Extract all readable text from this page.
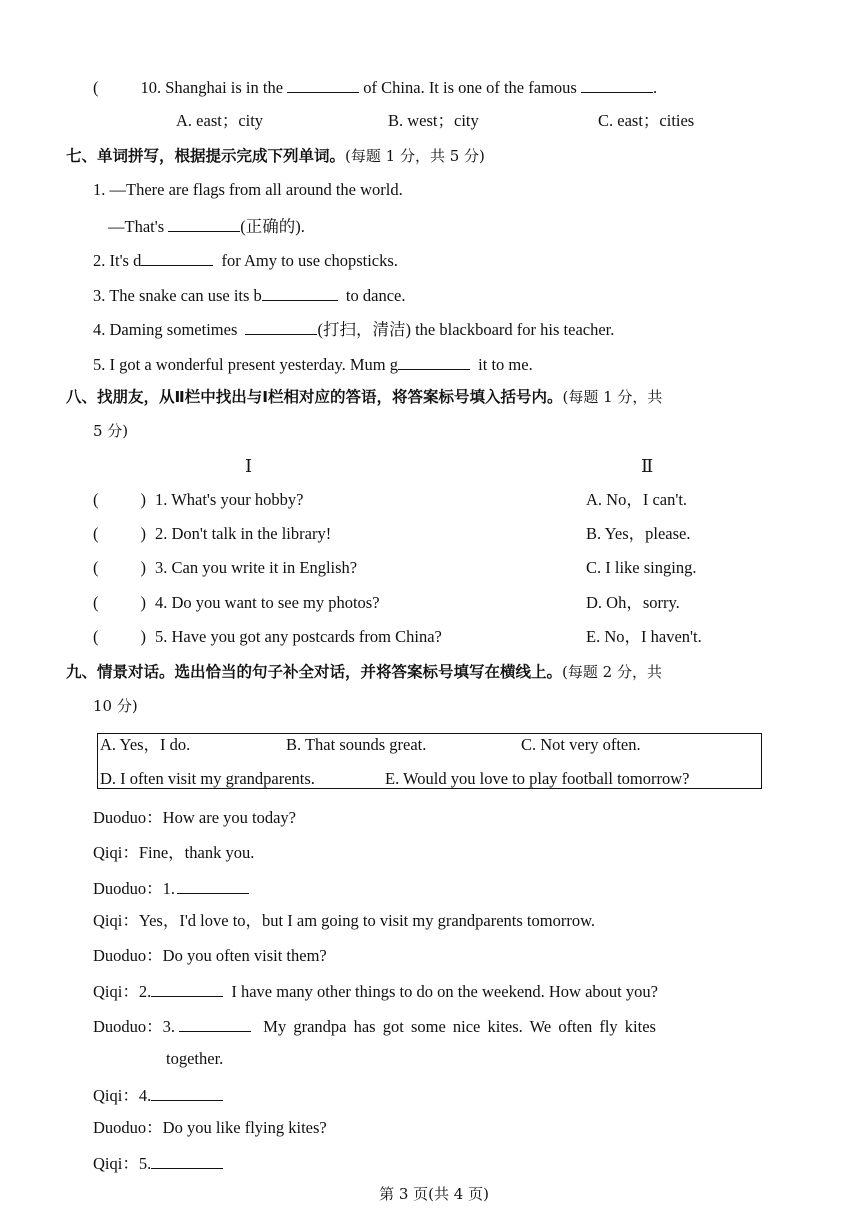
(	10. Shanghai is in the	of China. It is one of the famous	.
A. east；city	B. west；city	C. east；cities
七、单词拼写，根据提示完成下列单词。(每题 1 分，共 5 分)
1. —There are flags from all around the world.
—That's	(正确的).
2. It's d	for Amy to use chopsticks.
3. The snake can use its b	to dance.
4. Daming sometimes	(打扫，清洁) the blackboard for his teacher.
5. I got a wonderful present yesterday. Mum g	it to me.
八、找朋友，从Ⅱ栏中找出与Ⅰ栏相对应的答语，将答案标号填入括号内。(每题 1 分，共
5 分)
Ⅰ	Ⅱ
(	) 1. What's your hobby?	A. No，I can't.
(	) 2. Don't talk in the library!	B. Yes，please.
(	) 3. Can you write it in English?	C. I like singing.
(	) 4. Do you want to see my photos?	D. Oh，sorry.
(	) 5. Have you got any postcards from China?	E. No，I haven't.
九、情景对话。选出恰当的句子补全对话，并将答案标号填写在横线上。(每题 2 分，共
10 分)
A. Yes，I do.	B. That sounds great.	C. Not very often.
D. I often visit my grandparents.	E. Would you love to play football tomorrow?
Duoduo：How are you today?
Qiqi：Fine，thank you.
Duoduo：1.
Qiqi：Yes，I'd love to，but I am going to visit my grandparents tomorrow.
Duoduo：Do you often visit them?
Qiqi：2.	I have many other things to do on the weekend. How about you?
Duoduo：3.	My grandpa has got some nice kites. We often fly kites
together.
Qiqi：4.
Duoduo：Do you like flying kites?
Qiqi：5.
第 3 页(共 4 页)
